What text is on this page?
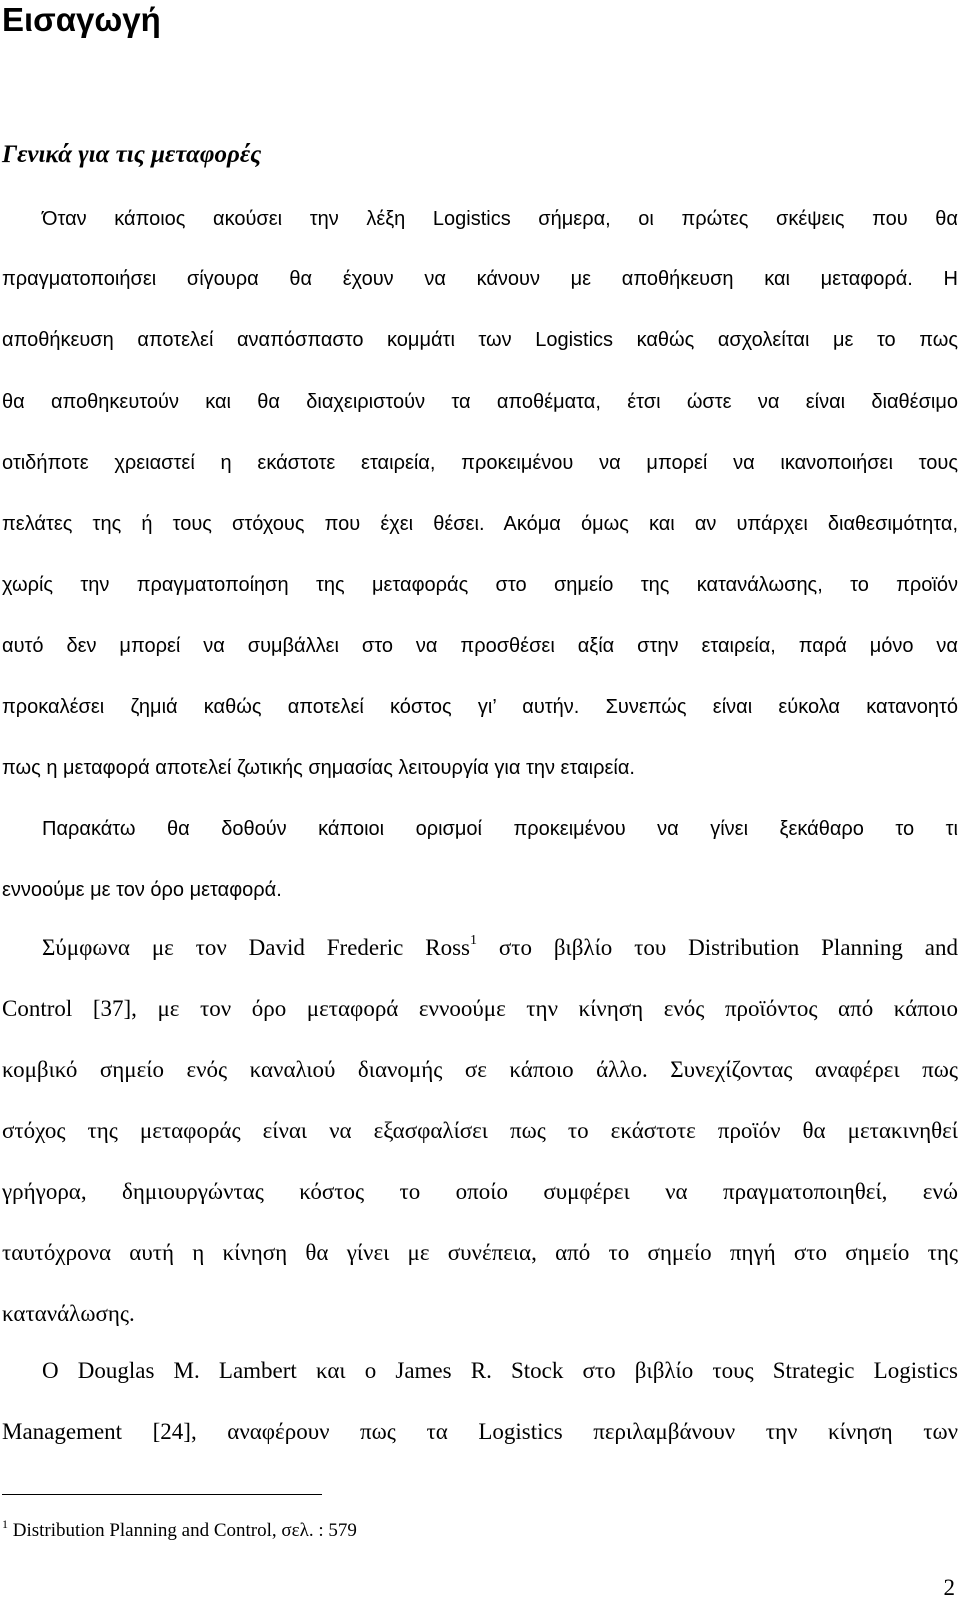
Εισαγωγή
Γενικά για τις μεταφορές
Όταν κάποιος ακούσει την λέξη Logistics σήμερα, οι πρώτες σκέψεις που θα
πραγματοποιήσει σίγουρα θα έχουν να κάνουν με αποθήκευση και μεταφορά. Η
αποθήκευση αποτελεί αναπόσπαστο κομμάτι των Logistics καθώς ασχολείται με το πως
θα αποθηκευτούν και θα διαχειριστούν τα αποθέματα, έτσι ώστε να είναι διαθέσιμο
οτιδήποτε χρειαστεί η εκάστοτε εταιρεία, προκειμένου να μπορεί να ικανοποιήσει τους
πελάτες της ή τους στόχους που έχει θέσει. Ακόμα όμως και αν υπάρχει διαθεσιμότητα,
χωρίς την πραγματοποίηση της μεταφοράς στο σημείο της κατανάλωσης, το προϊόν
αυτό δεν μπορεί να συμβάλλει στο να προσθέσει αξία στην εταιρεία, παρά μόνο να
προκαλέσει ζημιά καθώς αποτελεί κόστος γι’ αυτήν. Συνεπώς είναι εύκολα κατανοητό
πως η μεταφορά αποτελεί ζωτικής σημασίας λειτουργία για την εταιρεία.
Παρακάτω θα δοθούν κάποιοι ορισμοί προκειμένου να γίνει ξεκάθαρο το τι
εννοούμε με τον όρο μεταφορά.
Σύμφωνα με τον David Frederic Ross$^1$ στο βιβλίο του Distribution Planning and
Control [37], με τον όρο μεταφορά εννοούμε την κίνηση ενός προϊόντος από κάποιο
κομβικό σημείο ενός καναλιού διανομής σε κάποιο άλλο. Συνεχίζοντας αναφέρει πως
στόχος της μεταφοράς είναι να εξασφαλίσει πως το εκάστοτε προϊόν θα μετακινηθεί
γρήγορα, δημιουργώντας κόστος το οποίο συμφέρει να πραγματοποιηθεί, ενώ
ταυτόχρονα αυτή η κίνηση θα γίνει με συνέπεια, από το σημείο πηγή στο σημείο της
κατανάλωσης.
Ο Douglas M. Lambert και ο James R. Stock στο βιβλίο τους Strategic Logistics
Management [24], αναφέρουν πως τα Logistics περιλαμβάνουν την κίνηση των
$^1$ Distribution Planning and Control, σελ. : 579
2
